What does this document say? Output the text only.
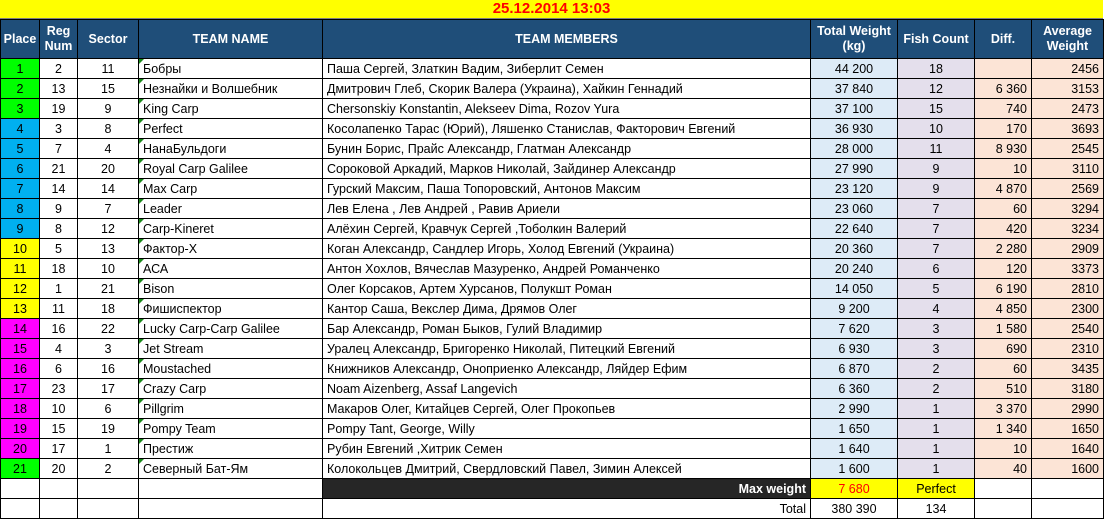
25.12.2014 13:03
Place	Reg Num	Sector	TEAM NAME	TEAM MEMBERS	Total Weight (kg)	Fish Count	Diff.	Average Weight
1	2	11	Бобры	Паша Сергей, Златкин Вадим, Зиберлит Семен	44 200	18		2456
2	13	15	Незнайки и Волшебник	Дмитрович Глеб, Скорик Валера (Украина), Хайкин Геннадий	37 840	12	6 360	3153
3	19	9	King Carp	Chersonskiy Konstantin, Alekseev Dima, Rozov Yura	37 100	15	740	2473
4	3	8	Perfect	Косолапенко Тарас (Юрий), Ляшенко Станислав, Факторович Евгений	36 930	10	170	3693
5	7	4	НанаБульдоги	Бунин Борис, Прайс Александр, Глатман Александр	28 000	11	8 930	2545
6	21	20	Royal Carp Galilee	Сороковой Аркадий, Марков Николай, Зайдинер Александр	27 990	9	10	3110
7	14	14	Max Carp	Гурский Максим, Паша Топоровский, Антонов Максим	23 120	9	4 870	2569
8	9	7	Leader	Лев Елена , Лев Андрей , Равив Ариели	23 060	7	60	3294
9	8	12	Carp-Kineret	Алёхин Сергей, Кравчук Сергей ,Тоболкин Валерий	22 640	7	420	3234
10	5	13	Фактор-Х	Коган Александр, Сандлер Игорь, Холод Евгений (Украина)	20 360	7	2 280	2909
11	18	10	АСА	Антон Хохлов, Вячеслав Мазуренко, Андрей Романченко	20 240	6	120	3373
12	1	21	Bison	Олег Корсаков, Артем Хурсанов, Полукшт Роман	14 050	5	6 190	2810
13	11	18	Фишиспектор	Кантор Саша, Векслер Дима, Дрямов Олег	9 200	4	4 850	2300
14	16	22	Lucky Carp-Carp Galilee	Бар Александр, Роман Быков, Гулий Владимир	7 620	3	1 580	2540
15	4	3	Jet Stream	Уралец Александр, Бригоренко Николай, Питецкий Евгений	6 930	3	690	2310
16	6	16	Moustached	Книжников Александр, Оноприенко Александр, Ляйдер Ефим	6 870	2	60	3435
17	23	17	Crazy Carp	Noam Aizenberg, Assaf Langevich	6 360	2	510	3180
18	10	6	Pillgrim	Макаров Олег, Китайцев Сергей, Олег Прокопьев	2 990	1	3 370	2990
19	15	19	Pompy Team	Pompy Tant, George, Willy	1 650	1	1 340	1650
20	17	1	Престиж	Рубин Евгений ,Хитрик Семен	1 640	1	10	1640
21	20	2	Северный Бат-Ям	Колокольцев Дмитрий, Свердловский Павел, Зимин Алексей	1 600	1	40	1600
				Max weight	7 680	Perfect		
				Total	380 390	134		
